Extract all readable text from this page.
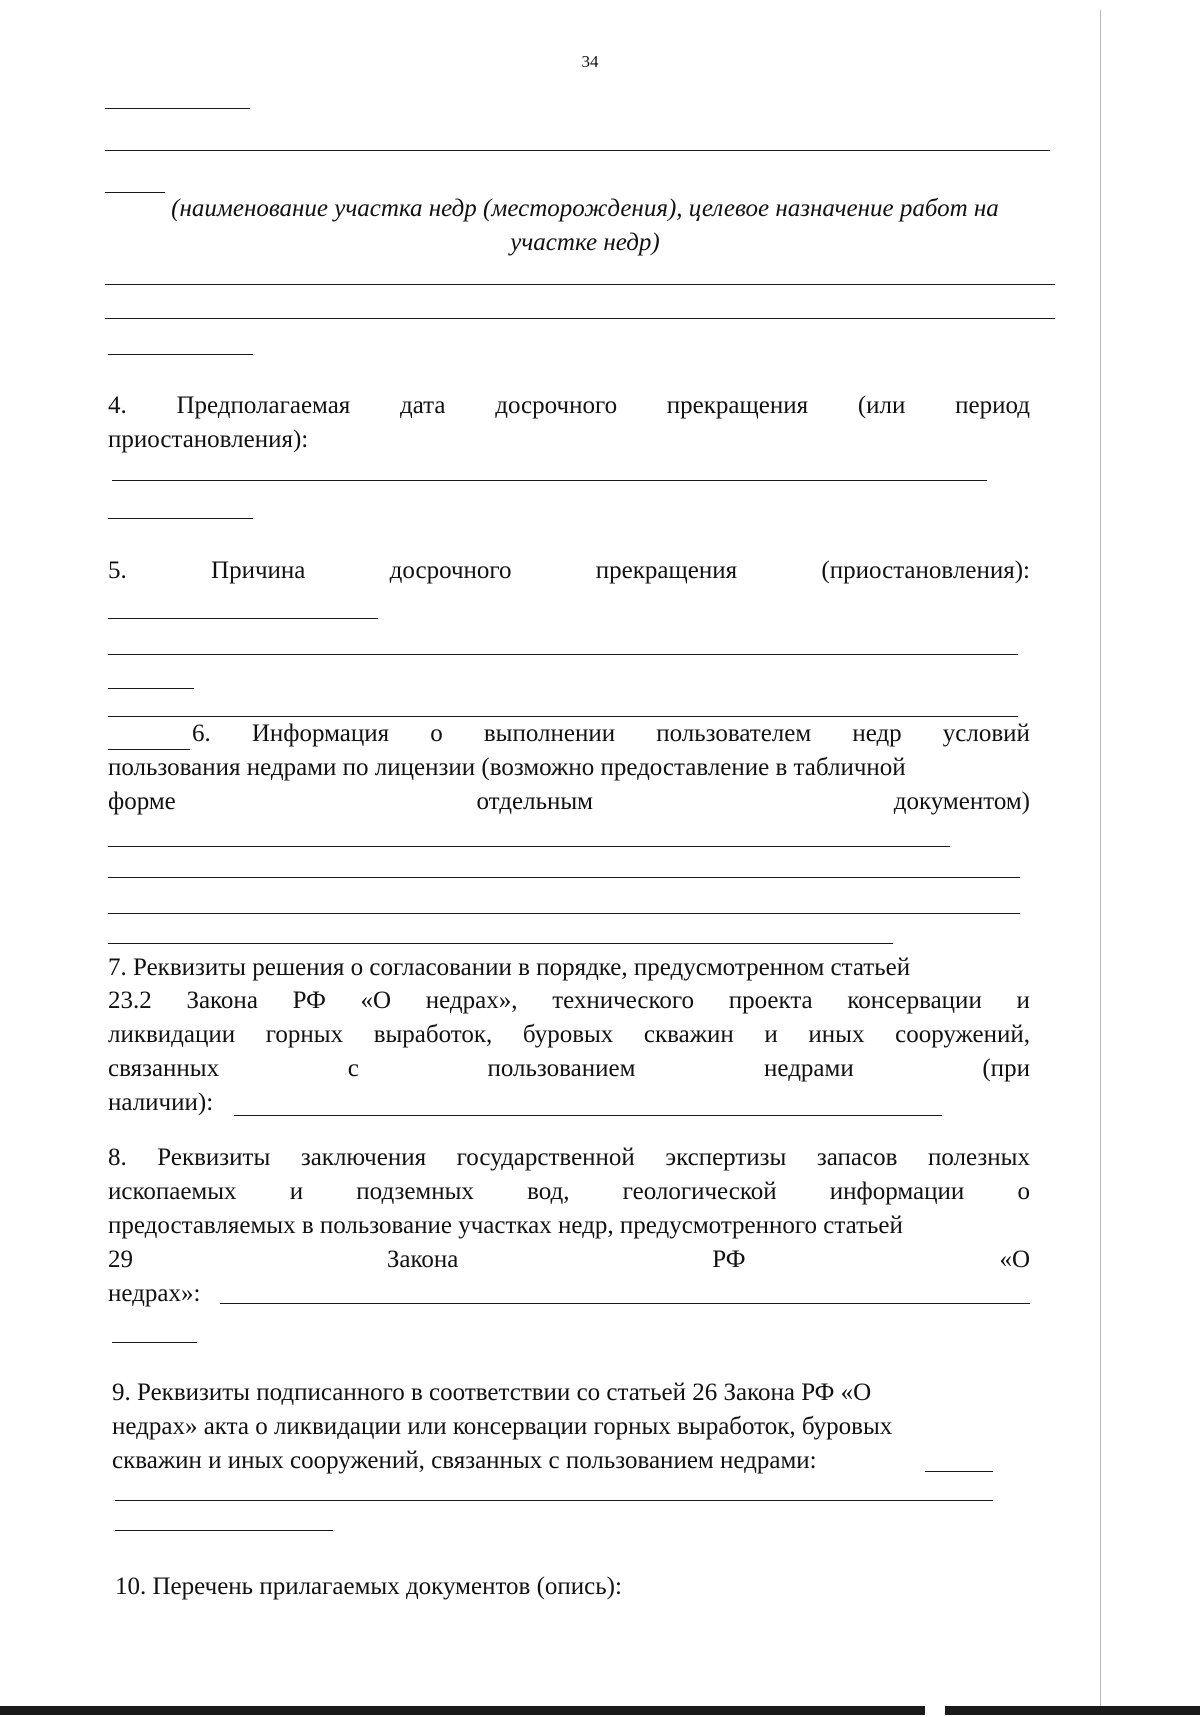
34
(наименование участка недр (месторождения), целевое назначение работ на
участке недр)
4. Предполагаемая дата досрочного прекращения (или период
приостановления):
5.	Причина	досрочного	прекращения	(приостановления):
6. Информация о выполнении пользователем недр условий
пользования недрами по лицензии (возможно предоставление в табличной
форме	отдельным	документом)
7. Реквизиты решения о согласовании в порядке, предусмотренном статьей
23.2 Закона РФ «О недрах», технического проекта консервации и
ликвидации горных выработок, буровых скважин и иных сооружений,
связанных	с	пользованием	недрами	(при
наличии):
8. Реквизиты заключения государственной экспертизы запасов полезных
ископаемых и подземных вод, геологической информации о
предоставляемых в пользование участках недр, предусмотренного статьей
29	Закона	РФ	«О
недрах»:
9. Реквизиты подписанного в соответствии со статьей 26 Закона РФ «О
недрах» акта о ликвидации или консервации горных выработок, буровых
скважин и иных сооружений, связанных с пользованием недрами:
10. Перечень прилагаемых документов (опись):
